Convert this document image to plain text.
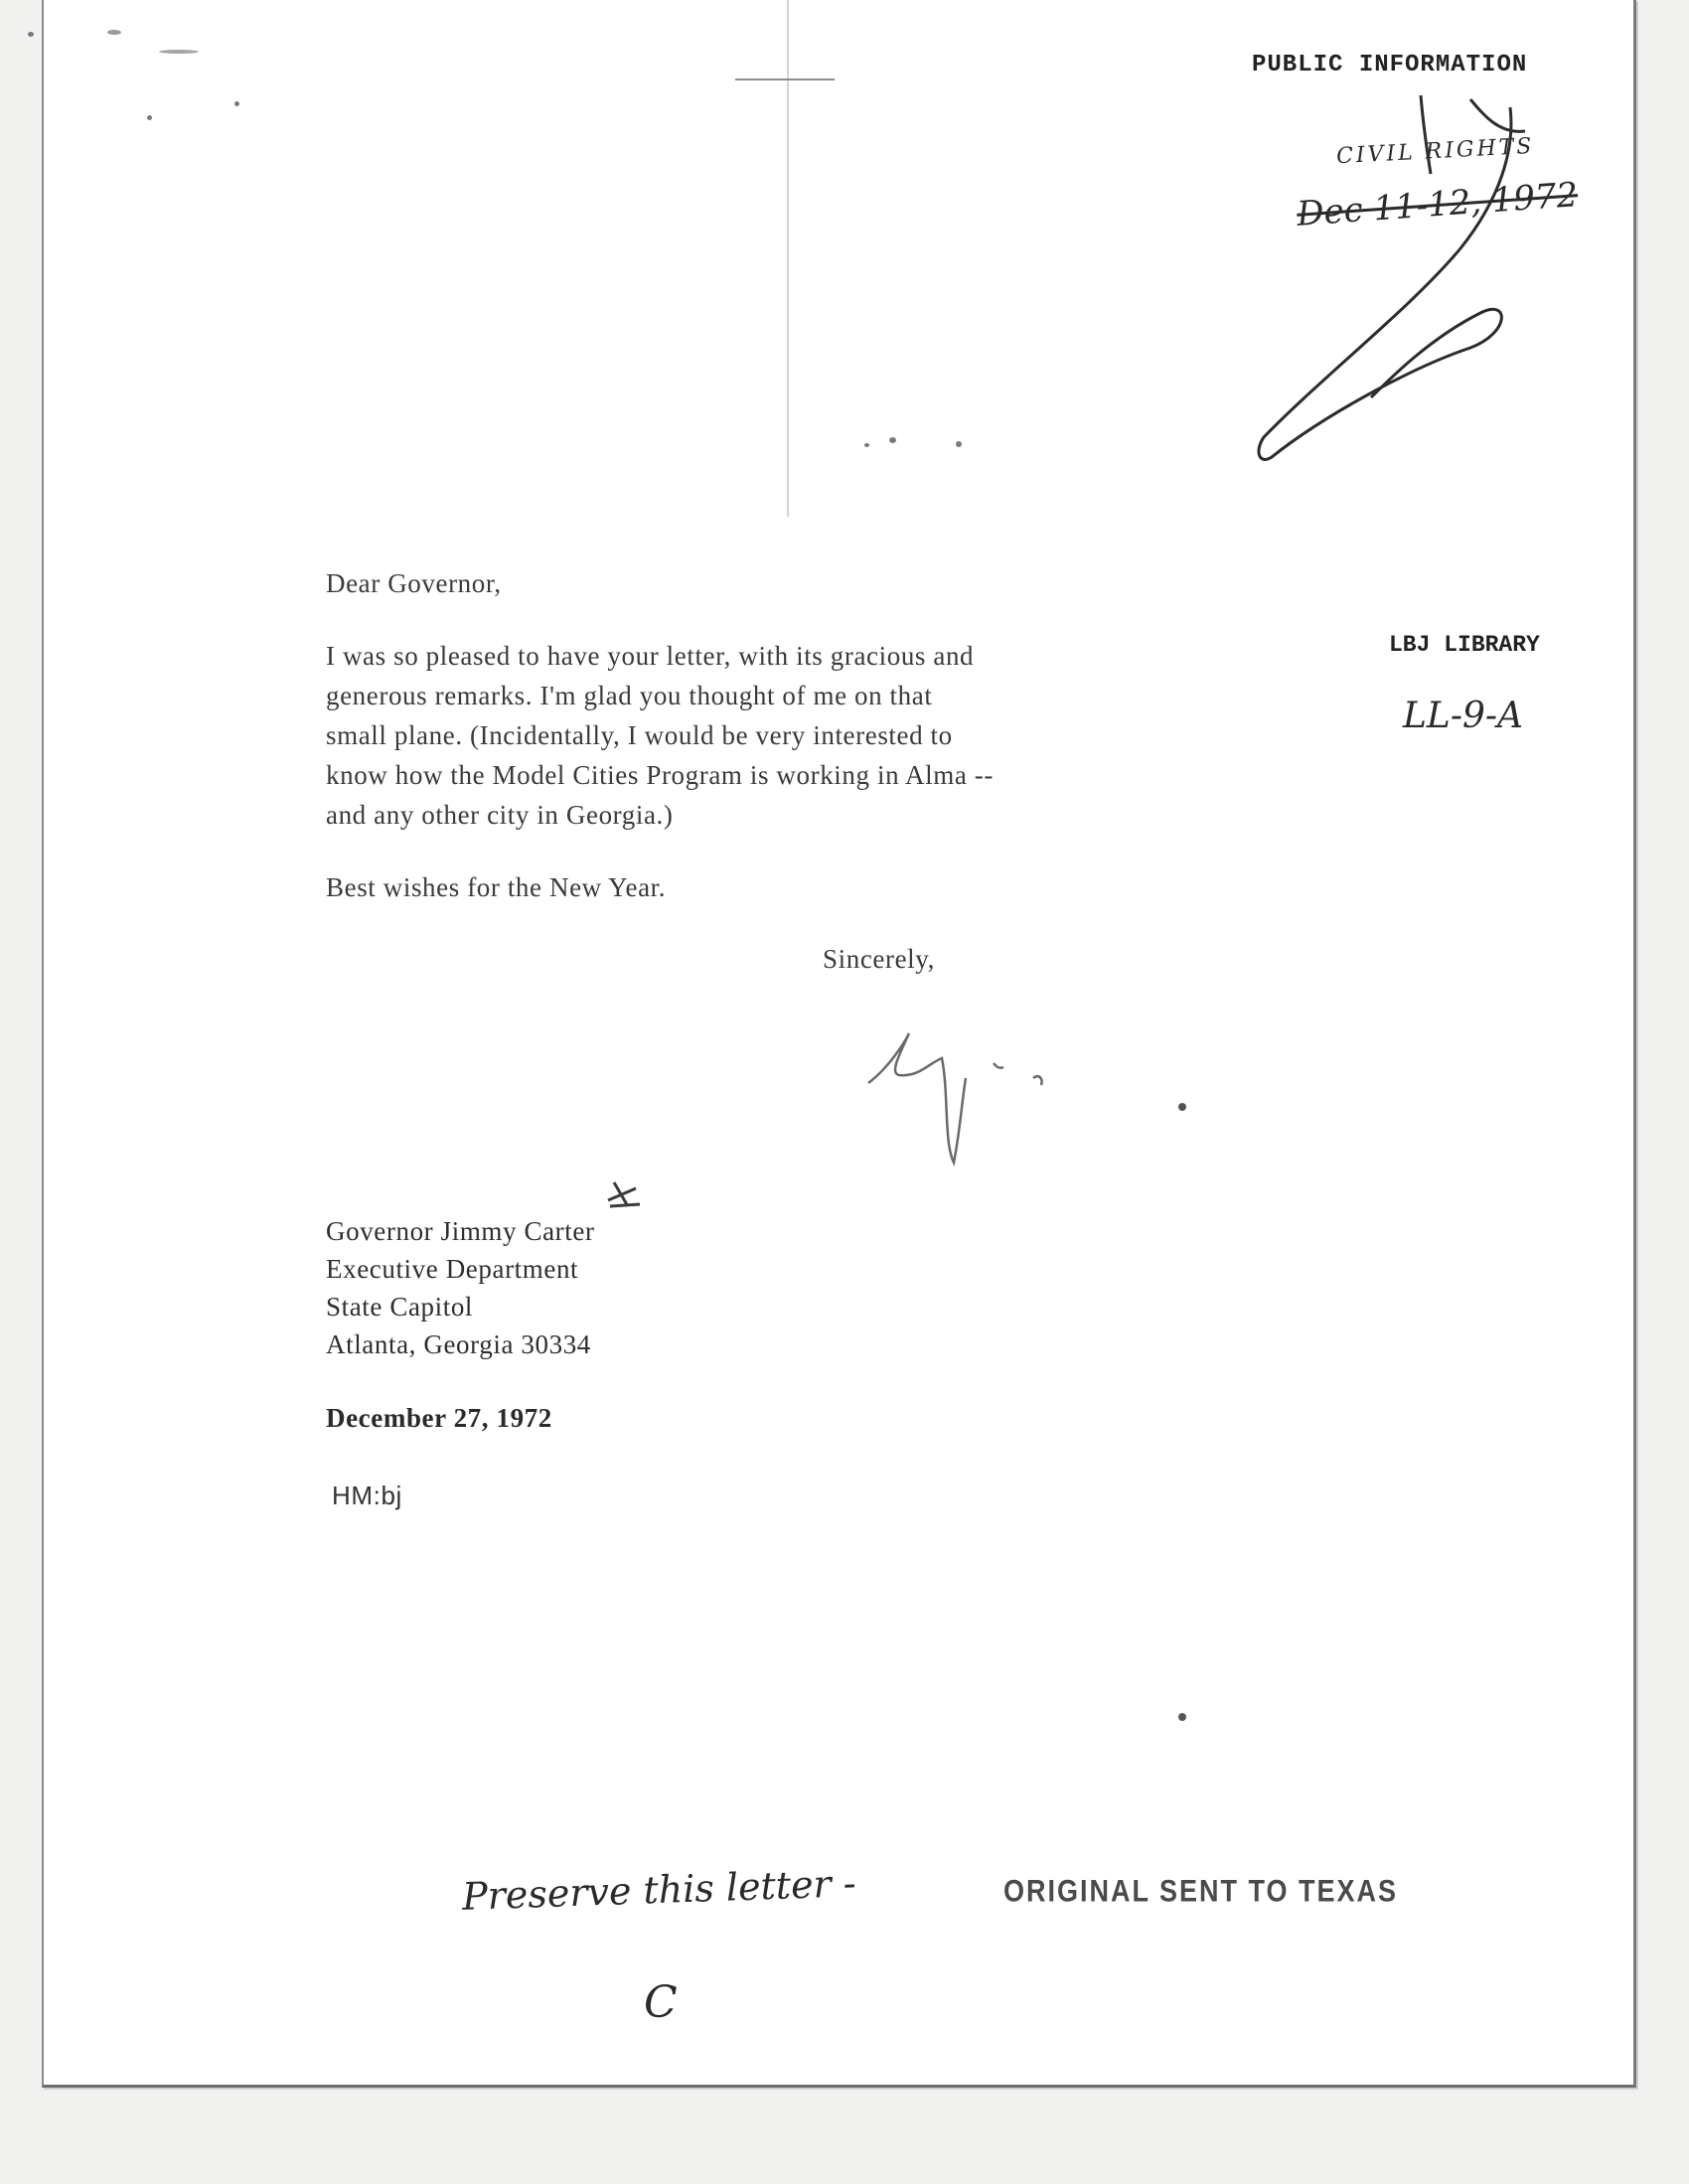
PUBLIC INFORMATION
CIVIL RIGHTS
Dec 11-12, 1972
Dear Governor,
I was so pleased to have your letter, with its gracious and
generous remarks. I'm glad you thought of me on that
small plane. (Incidentally, I would be very interested to
know how the Model Cities Program is working in Alma --
and any other city in Georgia.)
LBJ LIBRARY
LL-9-A
Best wishes for the New Year.
Sincerely,
Governor Jimmy Carter
Executive Department
State Capitol
Atlanta, Georgia 30334
December 27, 1972
HM:bj
Preserve this letter -
C
ORIGINAL SENT TO TEXAS
